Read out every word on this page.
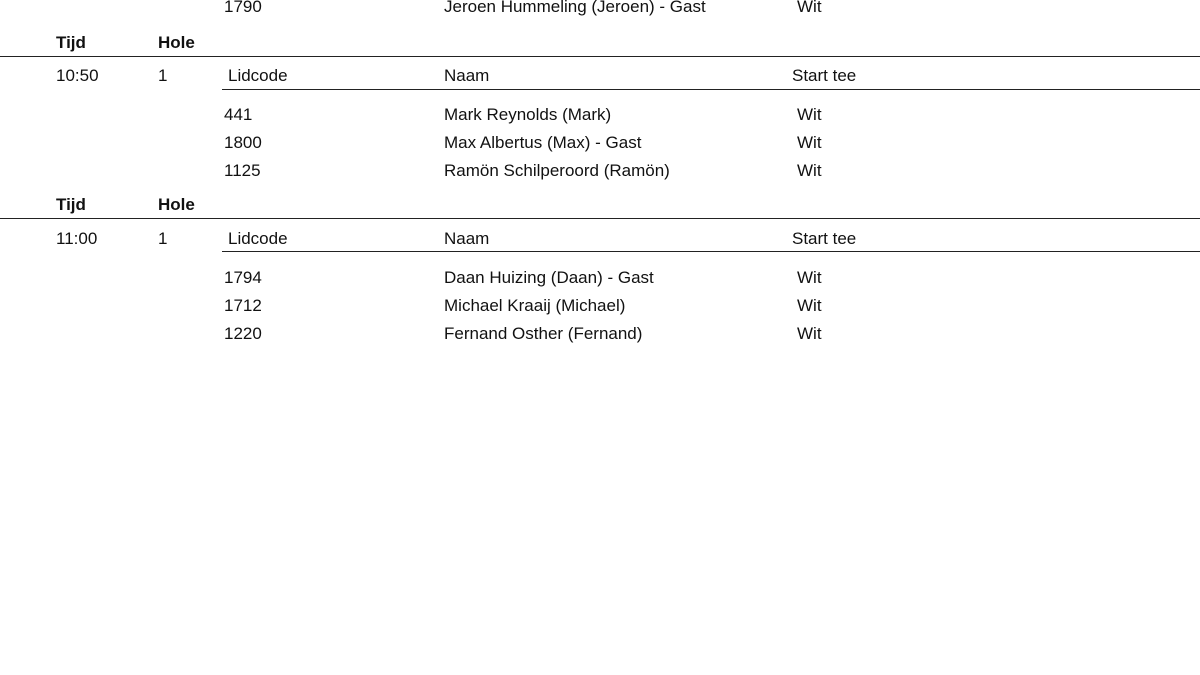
1790	Jeroen Hummeling (Jeroen) - Gast	Wit
Tijd	Hole
10:50	1	Lidcode	Naam	Start tee
441	Mark Reynolds (Mark)	Wit
1800	Max Albertus (Max) - Gast	Wit
1125	Ramön Schilperoord (Ramön)	Wit
Tijd	Hole
11:00	1	Lidcode	Naam	Start tee
1794	Daan Huizing (Daan) - Gast	Wit
1712	Michael Kraaij (Michael)	Wit
1220	Fernand Osther (Fernand)	Wit
